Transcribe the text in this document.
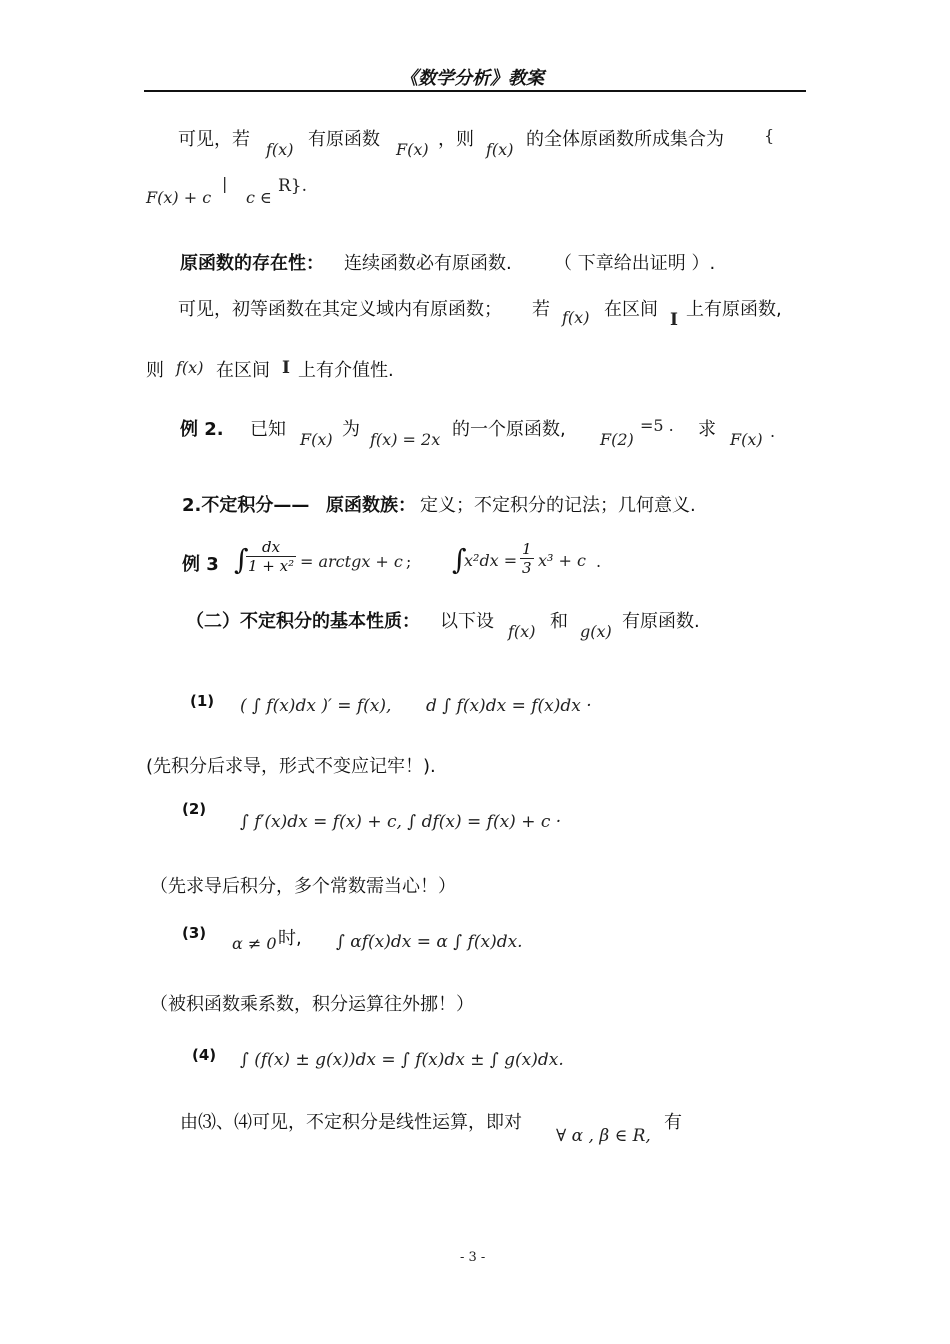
《数学分析》教案
可见，若 f(x) 有原函数 F(x) ，则 f(x) 的全体原函数所成集合为	{
F(x) + c
|
c ∈
R}.
原函数的存在性： 连续函数必有原函数. （ 下章给出证明 ）.
可见，初等函数在其定义域内有原函数； 若 f(x) 在区间 I 上有原函数,
则 f(x) 在区间 I 上有介值性.
例 2. 已知 F(x) 为 f(x) = 2x 的一个原函数, F(2)
=5 . 求 F(x) .
2.不定积分—— 原函数族： 定义；不定积分的记法；几何意义.
例 3 ∫
$\frac{dx}{\text{1 + x²}}$ = arctgx + c ; ∫
$x^2dx = \frac{1}{3} x^3 + c$ .
（二）不定积分的基本性质： 以下设 f(x) 和 g(x) 有原函数.
(1) ( ∫ f(x)dx )′ = f(x), d ∫ f(x)dx = f(x)dx ·
(先积分后求导，形式不变应记牢！).
(2)
∫ f′(x)dx = f(x) + c, ∫ df(x) = f(x) + c ·
（先求导后积分，多个常数需当心！）
(3)
α ≠ 0 时, ∫ αf(x)dx = α ∫ f(x)dx.
（被积函数乘系数，积分运算往外挪！）
(4) ∫ (f(x) ± g(x))dx = ∫ f(x)dx ± ∫ g(x)dx.
由⑶、⑷可见，不定积分是线性运算，即对
∀ α , β ∈ R,
有
- 3 -
